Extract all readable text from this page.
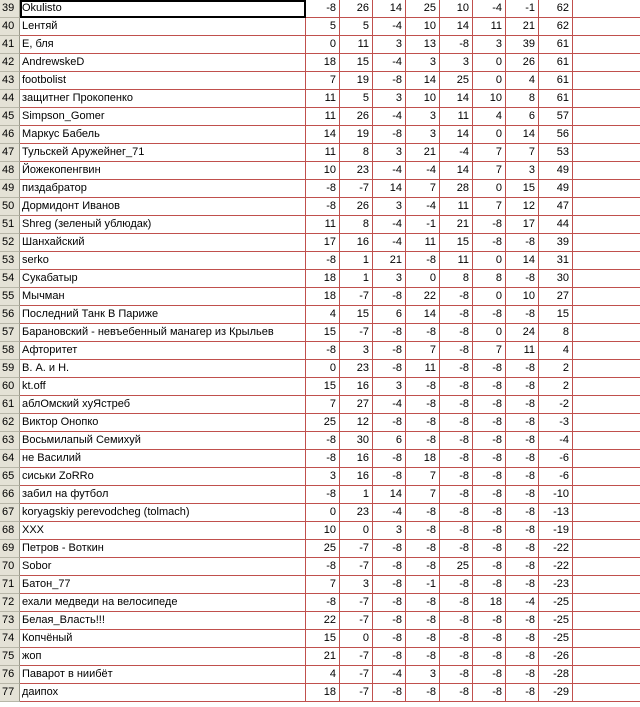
39 Okulisto	-8	26	14	25	10	-4	-1	62
40 Lентяй	5	5	-4	10	14	11	21	62
41 Е, бля	0	11	3	13	-8	3	39	61
42 AndrewskeD	18	15	-4	3	3	0	26	61
43 footbolist	7	19	-8	14	25	0	4	61
44 защитнег Прокопенко	11	5	3	10	14	10	8	61
45 Simpson_Gomer	11	26	-4	3	11	4	6	57
46 Маркус Бабель	14	19	-8	3	14	0	14	56
47 Тульскей Аружейнег_71	11	8	3	21	-4	7	7	53
48 Йожекопенгвин	10	23	-4	-4	14	7	3	49
49 пиздабратор	-8	-7	14	7	28	0	15	49
50 Дормидонт Иванов	-8	26	3	-4	11	7	12	47
51 Shreg (зеленый ублюдак)	11	8	-4	-1	21	-8	17	44
52 Шанхайский	17	16	-4	11	15	-8	-8	39
53 serko	-8	1	21	-8	11	0	14	31
54 Сукабатыр	18	1	3	0	8	8	-8	30
55 Мычман	18	-7	-8	22	-8	0	10	27
56 Последний Танк В Париже	4	15	6	14	-8	-8	-8	15
57 Барановский - невъебенный манагер из Крыльев	15	-7	-8	-8	-8	0	24	8
58 Афторитет	-8	3	-8	7	-8	7	11	4
59 В. А. и Н.	0	23	-8	11	-8	-8	-8	2
60 kt.off	15	16	3	-8	-8	-8	-8	2
61 аблОмский хуЯстреб	7	27	-4	-8	-8	-8	-8	-2
62 Виктор Онопко	25	12	-8	-8	-8	-8	-8	-3
63 Восьмилапый Семихуй	-8	30	6	-8	-8	-8	-8	-4
64 не Василий	-8	16	-8	18	-8	-8	-8	-6
65 сиськи ZoRRo	3	16	-8	7	-8	-8	-8	-6
66 забил на футбол	-8	1	14	7	-8	-8	-8	-10
67 koryagskiy perevodcheg (tolmach)	0	23	-4	-8	-8	-8	-8	-13
68 XXX	10	0	3	-8	-8	-8	-8	-19
69 Петров - Воткин	25	-7	-8	-8	-8	-8	-8	-22
70 Sobor	-8	-7	-8	-8	25	-8	-8	-22
71 Батон_77	7	3	-8	-1	-8	-8	-8	-23
72 ехали медведи на велосипеде	-8	-7	-8	-8	-8	18	-4	-25
73 Белая_Власть!!!	22	-7	-8	-8	-8	-8	-8	-25
74 Копчёный	15	0	-8	-8	-8	-8	-8	-25
75 жоп	21	-7	-8	-8	-8	-8	-8	-26
76 Паварот в ниибёт	4	-7	-4	3	-8	-8	-8	-28
77 даипох	18	-7	-8	-8	-8	-8	-8	-29
